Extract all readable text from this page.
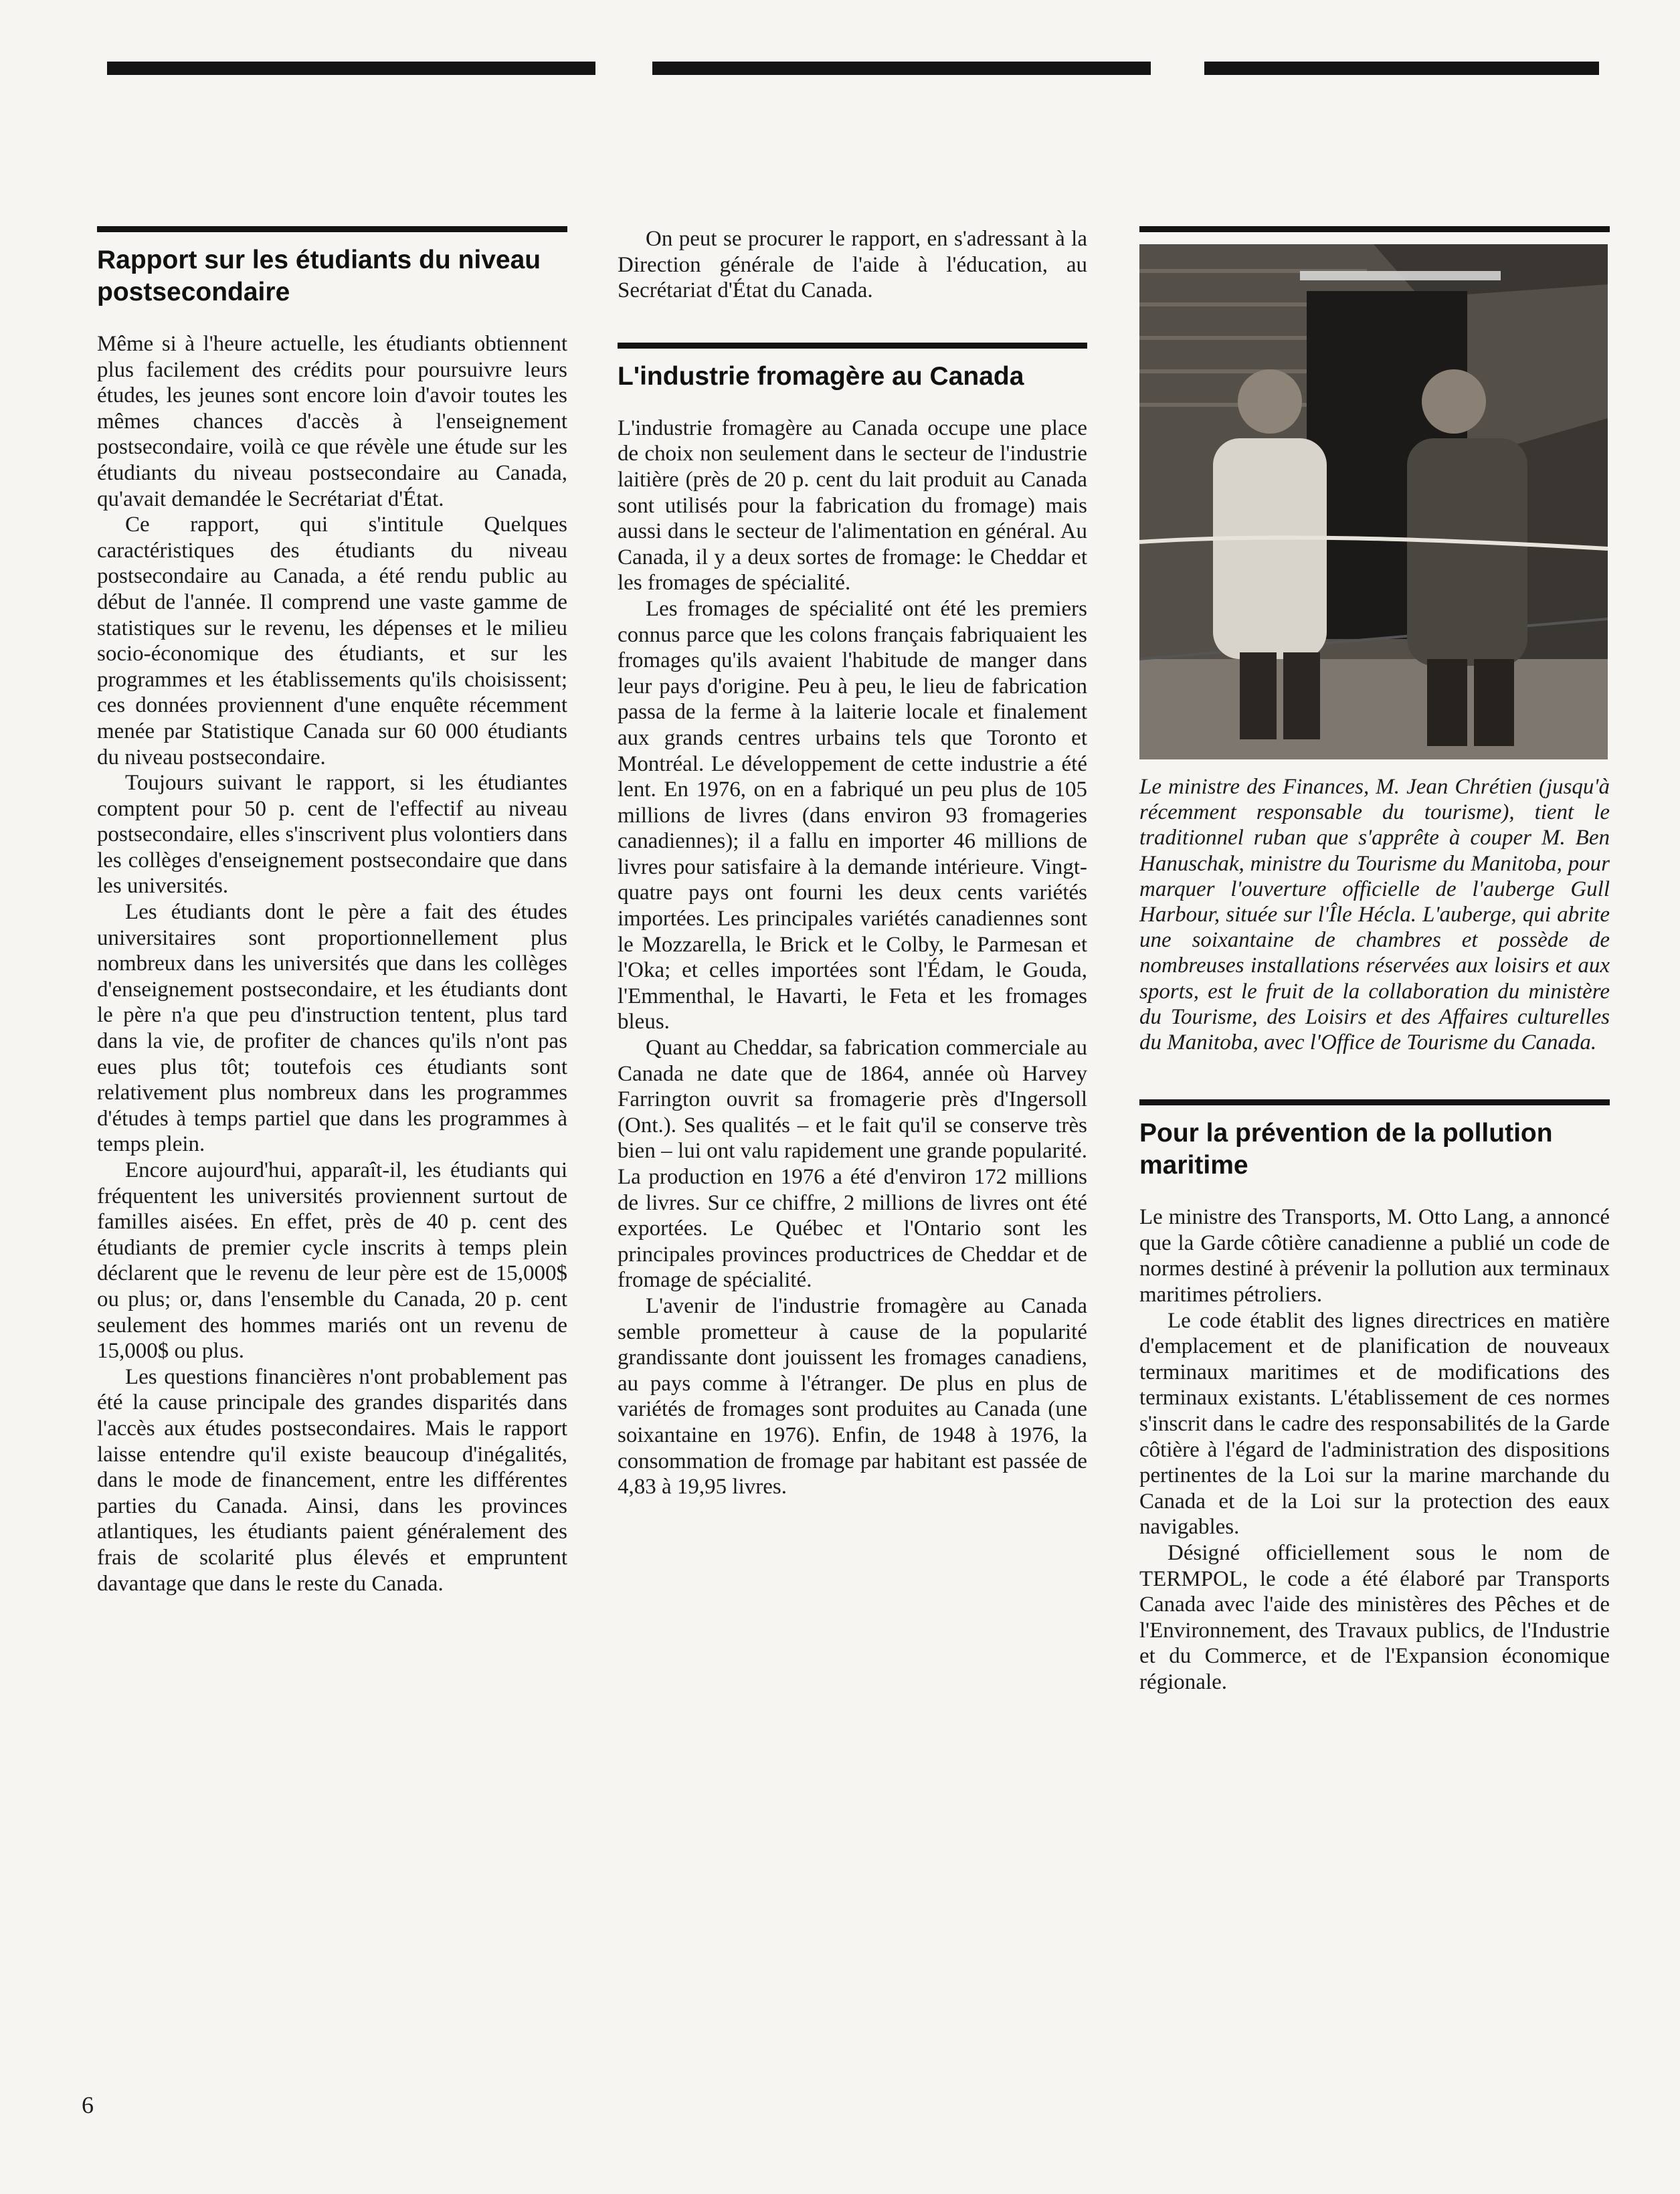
Rapport sur les étudiants du niveau postsecondaire

Même si à l'heure actuelle, les étudiants obtiennent plus facilement des crédits pour poursuivre leurs études, les jeunes sont encore loin d'avoir toutes les mêmes chances d'accès à l'enseignement postsecondaire, voilà ce que révèle une étude sur les étudiants du niveau postsecondaire au Canada, qu'avait demandée le Secrétariat d'État.

Ce rapport, qui s'intitule Quelques caractéristiques des étudiants du niveau postsecondaire au Canada, a été rendu public au début de l'année. Il comprend une vaste gamme de statistiques sur le revenu, les dépenses et le milieu socio-économique des étudiants, et sur les programmes et les établissements qu'ils choisissent; ces données proviennent d'une enquête récemment menée par Statistique Canada sur 60 000 étudiants du niveau postsecondaire.

Toujours suivant le rapport, si les étudiantes comptent pour 50 p. cent de l'effectif au niveau postsecondaire, elles s'inscrivent plus volontiers dans les collèges d'enseignement postsecondaire que dans les universités.

Les étudiants dont le père a fait des études universitaires sont proportionnellement plus nombreux dans les universités que dans les collèges d'enseignement postsecondaire, et les étudiants dont le père n'a que peu d'instruction tentent, plus tard dans la vie, de profiter de chances qu'ils n'ont pas eues plus tôt; toutefois ces étudiants sont relativement plus nombreux dans les programmes d'études à temps partiel que dans les programmes à temps plein.

Encore aujourd'hui, apparaît-il, les étudiants qui fréquentent les universités proviennent surtout de familles aisées. En effet, près de 40 p. cent des étudiants de premier cycle inscrits à temps plein déclarent que le revenu de leur père est de 15,000$ ou plus; or, dans l'ensemble du Canada, 20 p. cent seulement des hommes mariés ont un revenu de 15,000$ ou plus.

Les questions financières n'ont probablement pas été la cause principale des grandes disparités dans l'accès aux études postsecondaires. Mais le rapport laisse entendre qu'il existe beaucoup d'inégalités, dans le mode de financement, entre les différentes parties du Canada. Ainsi, dans les provinces atlantiques, les étudiants paient généralement des frais de scolarité plus élevés et empruntent davantage que dans le reste du Canada.

On peut se procurer le rapport, en s'adressant à la Direction générale de l'aide à l'éducation, au Secrétariat d'État du Canada.

L'industrie fromagère au Canada

L'industrie fromagère au Canada occupe une place de choix non seulement dans le secteur de l'industrie laitière (près de 20 p. cent du lait produit au Canada sont utilisés pour la fabrication du fromage) mais aussi dans le secteur de l'alimentation en général. Au Canada, il y a deux sortes de fromage: le Cheddar et les fromages de spécialité.

Les fromages de spécialité ont été les premiers connus parce que les colons français fabriquaient les fromages qu'ils avaient l'habitude de manger dans leur pays d'origine. Peu à peu, le lieu de fabrication passa de la ferme à la laiterie locale et finalement aux grands centres urbains tels que Toronto et Montréal. Le développement de cette industrie a été lent. En 1976, on en a fabriqué un peu plus de 105 millions de livres (dans environ 93 fromageries canadiennes); il a fallu en importer 46 millions de livres pour satisfaire à la demande intérieure. Vingt-quatre pays ont fourni les deux cents variétés importées. Les principales variétés canadiennes sont le Mozzarella, le Brick et le Colby, le Parmesan et l'Oka; et celles importées sont l'Édam, le Gouda, l'Emmenthal, le Havarti, le Feta et les fromages bleus.

Quant au Cheddar, sa fabrication commerciale au Canada ne date que de 1864, année où Harvey Farrington ouvrit sa fromagerie près d'Ingersoll (Ont.). Ses qualités – et le fait qu'il se conserve très bien – lui ont valu rapidement une grande popularité. La production en 1976 a été d'environ 172 millions de livres. Sur ce chiffre, 2 millions de livres ont été exportées. Le Québec et l'Ontario sont les principales provinces productrices de Cheddar et de fromage de spécialité.

L'avenir de l'industrie fromagère au Canada semble prometteur à cause de la popularité grandissante dont jouissent les fromages canadiens, au pays comme à l'étranger. De plus en plus de variétés de fromages sont produites au Canada (une soixantaine en 1976). Enfin, de 1948 à 1976, la consommation de fromage par habitant est passée de 4,83 à 19,95 livres.

Le ministre des Finances, M. Jean Chrétien (jusqu'à récemment responsable du tourisme), tient le traditionnel ruban que s'apprête à couper M. Ben Hanuschak, ministre du Tourisme du Manitoba, pour marquer l'ouverture officielle de l'auberge Gull Harbour, située sur l'Île Hécla. L'auberge, qui abrite une soixantaine de chambres et possède de nombreuses installations réservées aux loisirs et aux sports, est le fruit de la collaboration du ministère du Tourisme, des Loisirs et des Affaires culturelles du Manitoba, avec l'Office de Tourisme du Canada.

Pour la prévention de la pollution maritime

Le ministre des Transports, M. Otto Lang, a annoncé que la Garde côtière canadienne a publié un code de normes destiné à prévenir la pollution aux terminaux maritimes pétroliers.

Le code établit des lignes directrices en matière d'emplacement et de planification de nouveaux terminaux maritimes et de modifications des terminaux existants. L'établissement de ces normes s'inscrit dans le cadre des responsabilités de la Garde côtière à l'égard de l'administration des dispositions pertinentes de la Loi sur la marine marchande du Canada et de la Loi sur la protection des eaux navigables.

Désigné officiellement sous le nom de TERMPOL, le code a été élaboré par Transports Canada avec l'aide des ministères des Pêches et de l'Environnement, des Travaux publics, de l'Industrie et du Commerce, et de l'Expansion économique régionale.

6
